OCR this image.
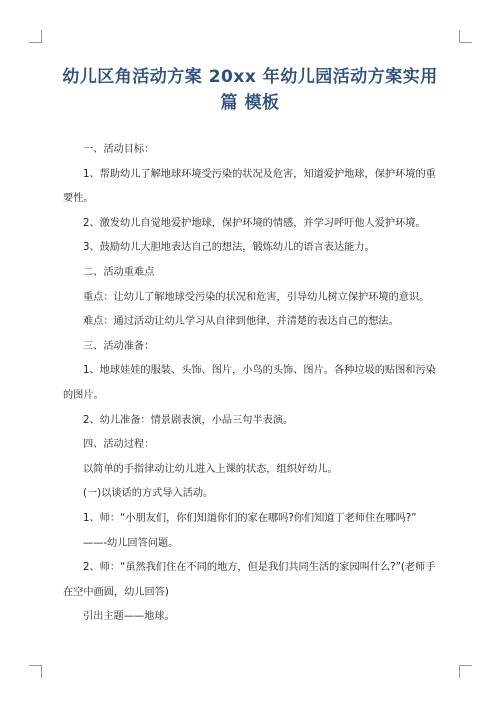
幼儿区角活动方案 20xx 年幼儿园活动方案实用
篇 模板

一、活动目标：

1、帮助幼儿了解地球环境受污染的状况及危害，知道爱护地球，保护环境的重要性。

2、激发幼儿自觉地爱护地球，保护环境的情感，并学习呼吁他人爱护环境。

3、鼓励幼儿大胆地表达自己的想法，锻炼幼儿的语言表达能力。

二、活动重难点

重点：让幼儿了解地球受污染的状况和危害，引导幼儿树立保护环境的意识。

难点：通过活动让幼儿学习从自律到他律，并清楚的表达自己的想法。

三、活动准备：

1、地球娃娃的服装、头饰、图片，小鸟的头饰、图片。各种垃圾的贴图和污染的图片。

2、幼儿准备：情景剧表演，小品三句半表演。

四、活动过程：

以简单的手指律动让幼儿进入上课的状态，组织好幼儿。

(一)以谈话的方式导入活动。

1、师：“小朋友们，你们知道你们的家在哪吗?你们知道丁老师住在哪吗?”

——-幼儿回答问题。

2、师：“虽然我们住在不同的地方，但是我们共同生活的家园叫什么?”(老师手在空中画圆，幼儿回答)

引出主题——地球。
